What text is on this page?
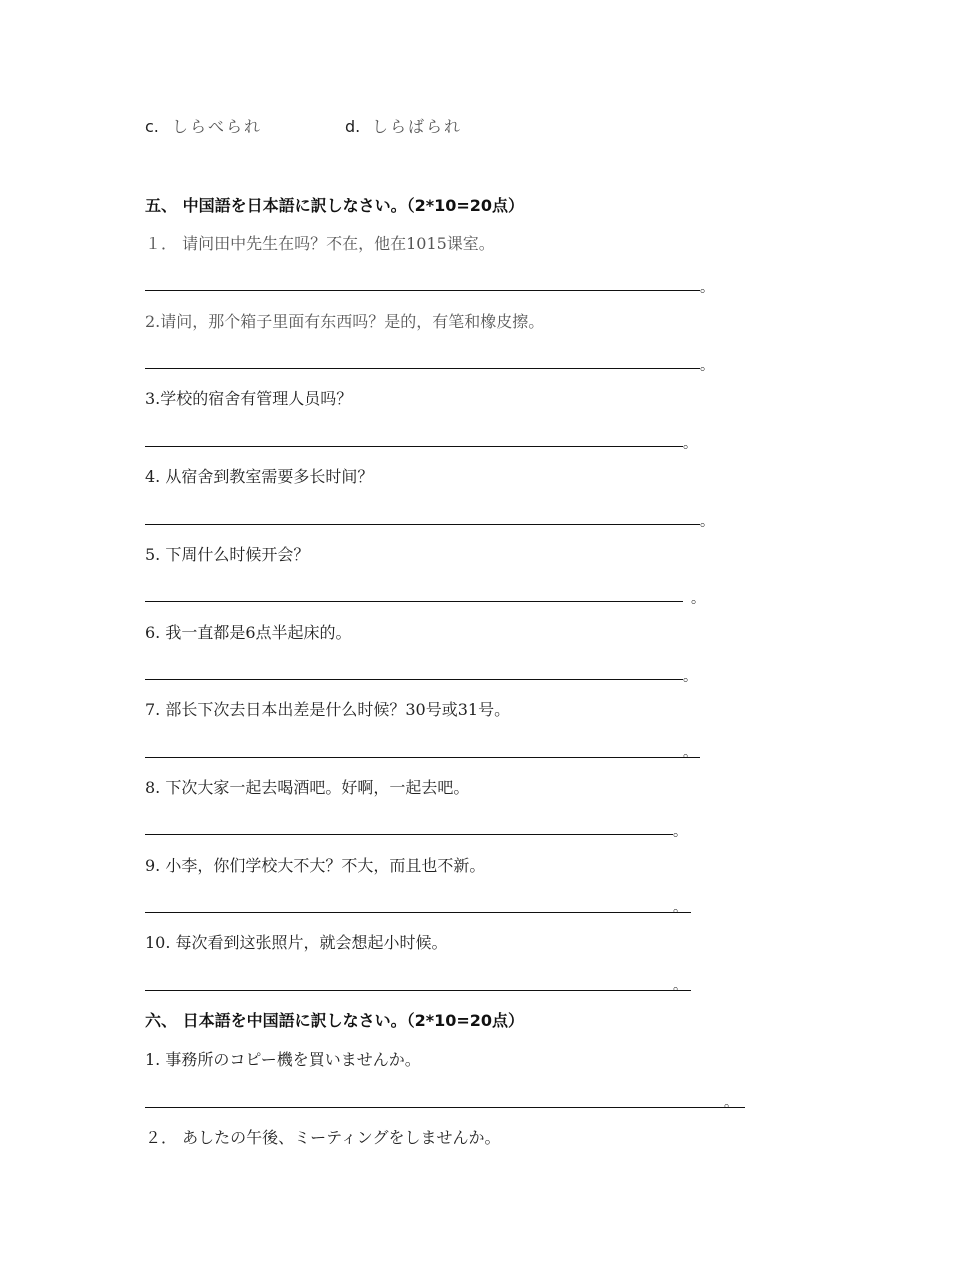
c. しらべられ	d. しらばられ
五、 中国語を日本語に訳しなさい。（2*10=20点）
１． 请问田中先生在吗？不在，他在1015课室。
。
2.请问，那个箱子里面有东西吗？是的，有笔和橡皮擦。
。
3.学校的宿舍有管理人员吗？
。
4. 从宿舍到教室需要多长时间？
。
5. 下周什么时候开会？
。
6. 我一直都是6点半起床的。
。
7. 部长下次去日本出差是什么时候？30号或31号。
。
8. 下次大家一起去喝酒吧。好啊，一起去吧。
。
9. 小李，你们学校大不大？不大，而且也不新。
。
10. 每次看到这张照片，就会想起小时候。
。
六、 日本語を中国語に訳しなさい。（2*10=20点）
1. 事務所のコピー機を買いませんか。
。
２． あしたの午後、ミーティングをしませんか。
